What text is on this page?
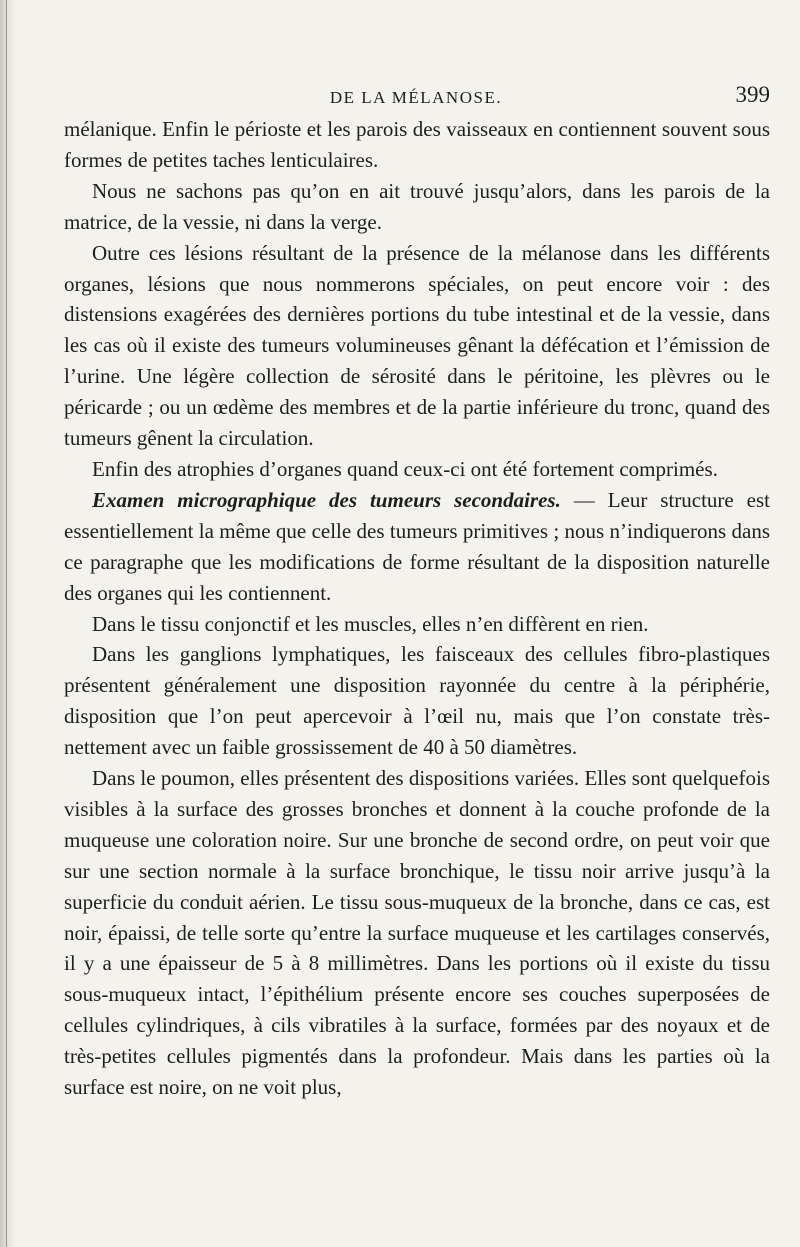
DE LA MÉLANOSE.	399

mélanique. Enfin le périoste et les parois des vaisseaux en contiennent souvent sous formes de petites taches lenticulaires.

Nous ne sachons pas qu’on en ait trouvé jusqu’alors, dans les parois de la matrice, de la vessie, ni dans la verge.

Outre ces lésions résultant de la présence de la mélanose dans les différents organes, lésions que nous nommerons spéciales, on peut encore voir : des distensions exagérées des dernières portions du tube intestinal et de la vessie, dans les cas où il existe des tumeurs volumineuses gênant la défécation et l’émission de l’urine. Une légère collection de sérosité dans le péritoine, les plèvres ou le péricarde ; ou un œdème des membres et de la partie inférieure du tronc, quand des tumeurs gênent la circulation.

Enfin des atrophies d’organes quand ceux-ci ont été fortement comprimés.

Examen micrographique des tumeurs secondaires. — Leur structure est essentiellement la même que celle des tumeurs primitives ; nous n’indiquerons dans ce paragraphe que les modifications de forme résultant de la disposition naturelle des organes qui les contiennent.

Dans le tissu conjonctif et les muscles, elles n’en diffèrent en rien.

Dans les ganglions lymphatiques, les faisceaux des cellules fibro-plastiques présentent généralement une disposition rayonnée du centre à la périphérie, disposition que l’on peut apercevoir à l’œil nu, mais que l’on constate très-nettement avec un faible grossissement de 40 à 50 diamètres.

Dans le poumon, elles présentent des dispositions variées. Elles sont quelquefois visibles à la surface des grosses bronches et donnent à la couche profonde de la muqueuse une coloration noire. Sur une bronche de second ordre, on peut voir que sur une section normale à la surface bronchique, le tissu noir arrive jusqu’à la superficie du conduit aérien. Le tissu sous-muqueux de la bronche, dans ce cas, est noir, épaissi, de telle sorte qu’entre la surface muqueuse et les cartilages conservés, il y a une épaisseur de 5 à 8 millimètres. Dans les portions où il existe du tissu sous-muqueux intact, l’épithélium présente encore ses couches superposées de cellules cylindriques, à cils vibratiles à la surface, formées par des noyaux et de très-petites cellules pigmentés dans la profondeur. Mais dans les parties où la surface est noire, on ne voit plus,
